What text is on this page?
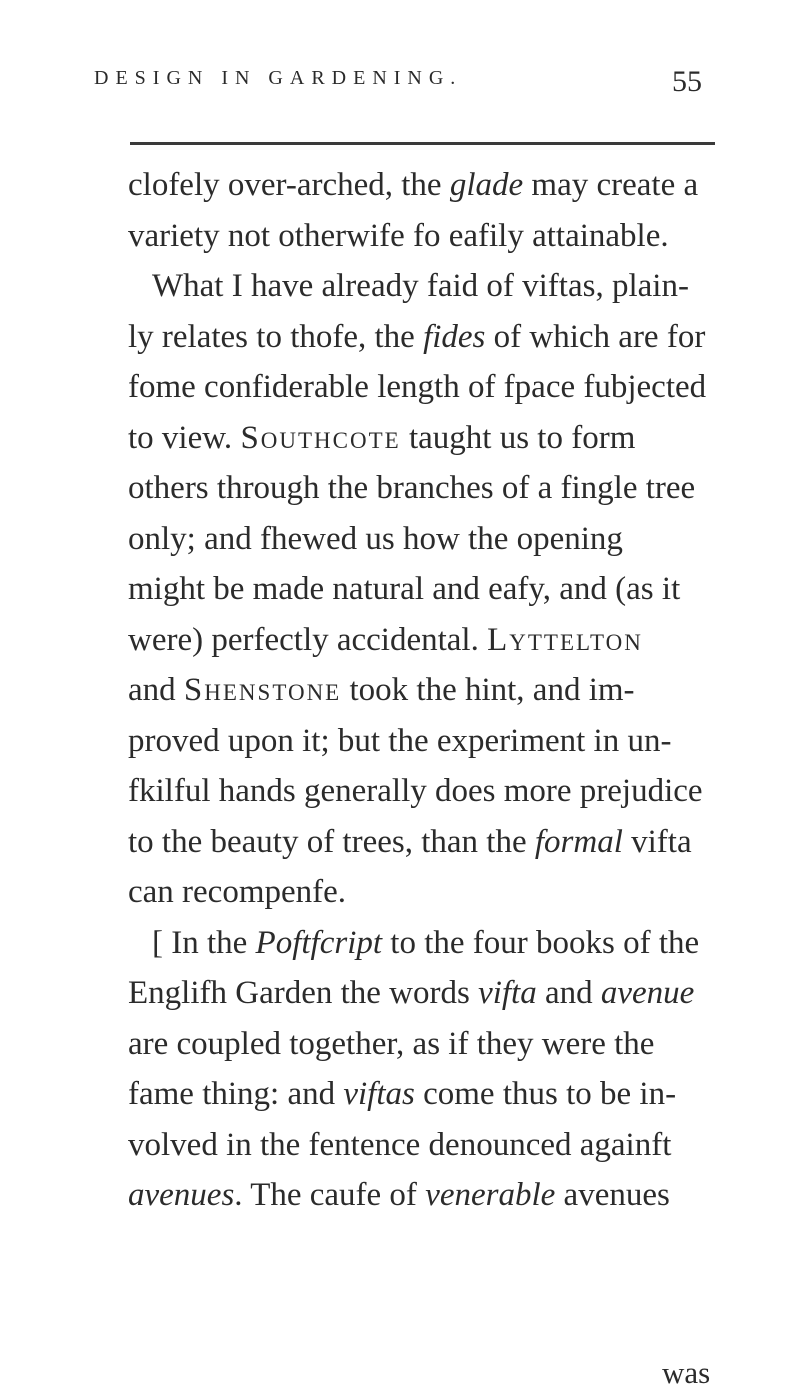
DESIGN IN GARDENING.	55
clofely over-arched, the glade may create a
variety not otherwife fo eafily attainable.
What I have already faid of viftas, plain-
ly relates to thofe, the fides of which are for
fome confiderable length of fpace fubjected
to view. Southcote taught us to form
others through the branches of a fingle tree
only; and fhewed us how the opening
might be made natural and eafy, and (as it
were) perfectly accidental. Lyttelton
and Shenstone took the hint, and im-
proved upon it; but the experiment in un-
fkilful hands generally does more prejudice
to the beauty of trees, than the formal vifta
can recompenfe.
[ In the Poftfcript to the four books of the
Englifh Garden the words vifta and avenue
are coupled together, as if they were the
fame thing: and viftas come thus to be in-
volved in the fentence denounced againft
avenues. The caufe of venerable avenues
was
